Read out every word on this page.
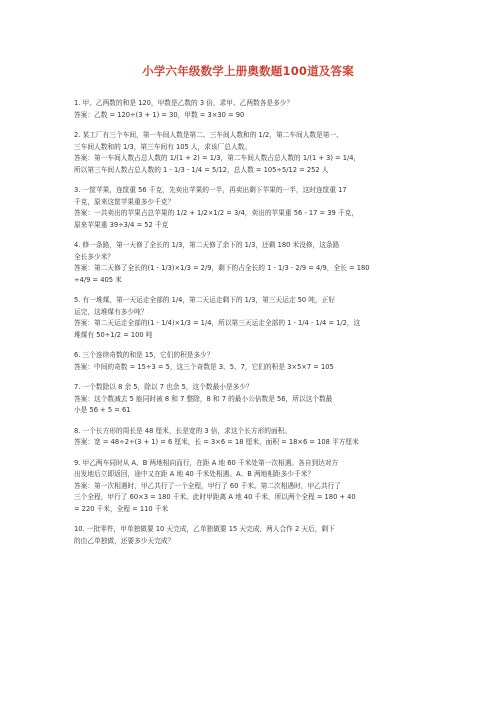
小学六年级数学上册奥数题100道及答案
1. 甲、乙两数的和是 120，甲数是乙数的 3 倍，求甲、乙两数各是多少？
答案：乙数 = 120÷(3 + 1) = 30，甲数 = 3×30 = 90
2. 某工厂有三个车间，第一车间人数是第二、三车间人数和的 1/2，第二车间人数是第一、
三车间人数和的 1/3，第三车间有 105 人，求该厂总人数。
答案：第一车间人数占总人数的 1/(1 + 2) = 1/3，第二车间人数占总人数的 1/(1 + 3) = 1/4，
所以第三车间人数占总人数的 1 - 1/3 - 1/4 = 5/12，总人数 = 105÷5/12 = 252 人
3. 一筐苹果，连筐重 56 千克，先卖出苹果的一半，再卖出剩下苹果的一半，这时连筐重 17
千克，原来这筐苹果重多少千克？
答案：一共卖出的苹果占总苹果的 1/2 + 1/2×1/2 = 3/4，卖出的苹果重 56 - 17 = 39 千克，
原来苹果重 39÷3/4 = 52 千克
4. 修一条路，第一天修了全长的 1/3，第二天修了余下的 1/3，还剩 180 米没修，这条路
全长多少米？
答案：第二天修了全长的(1 - 1/3)×1/3 = 2/9，剩下的占全长的 1 - 1/3 - 2/9 = 4/9，全长 = 180
÷4/9 = 405 米
5. 有一堆煤，第一天运走全部的 1/4，第二天运走剩下的 1/3，第三天运走 50 吨，正好
运完，这堆煤有多少吨？
答案：第二天运走全部的(1 - 1/4)×1/3 = 1/4，所以第三天运走全部的 1 - 1/4 - 1/4 = 1/2，这
堆煤有 50÷1/2 = 100 吨
6. 三个连续奇数的和是 15，它们的积是多少？
答案：中间的奇数 = 15÷3 = 5，这三个奇数是 3、5、7，它们的积是 3×5×7 = 105
7. 一个数除以 8 余 5，除以 7 也余 5，这个数最小是多少？
答案：这个数减去 5 能同时被 8 和 7 整除，8 和 7 的最小公倍数是 56，所以这个数最
小是 56 + 5 = 61
8. 一个长方形的周长是 48 厘米，长是宽的 3 倍，求这个长方形的面积。
答案：宽 = 48÷2÷(3 + 1) = 6 厘米，长 = 3×6 = 18 厘米，面积 = 18×6 = 108 平方厘米
9. 甲乙两车同时从 A、B 两地相向而行，在距 A 地 60 千米处第一次相遇。各自到达对方
出发地后立即返回，途中又在距 A 地 40 千米处相遇。A、B 两地相距多少千米？
答案：第一次相遇时，甲乙共行了一个全程，甲行了 60 千米。第二次相遇时，甲乙共行了
三个全程，甲行了 60×3 = 180 千米。此时甲距离 A 地 40 千米，所以两个全程 = 180 + 40
= 220 千米，全程 = 110 千米
10. 一批零件，甲单独做要 10 天完成，乙单独做要 15 天完成，两人合作 2 天后，剩下
的由乙单独做，还要多少天完成？
